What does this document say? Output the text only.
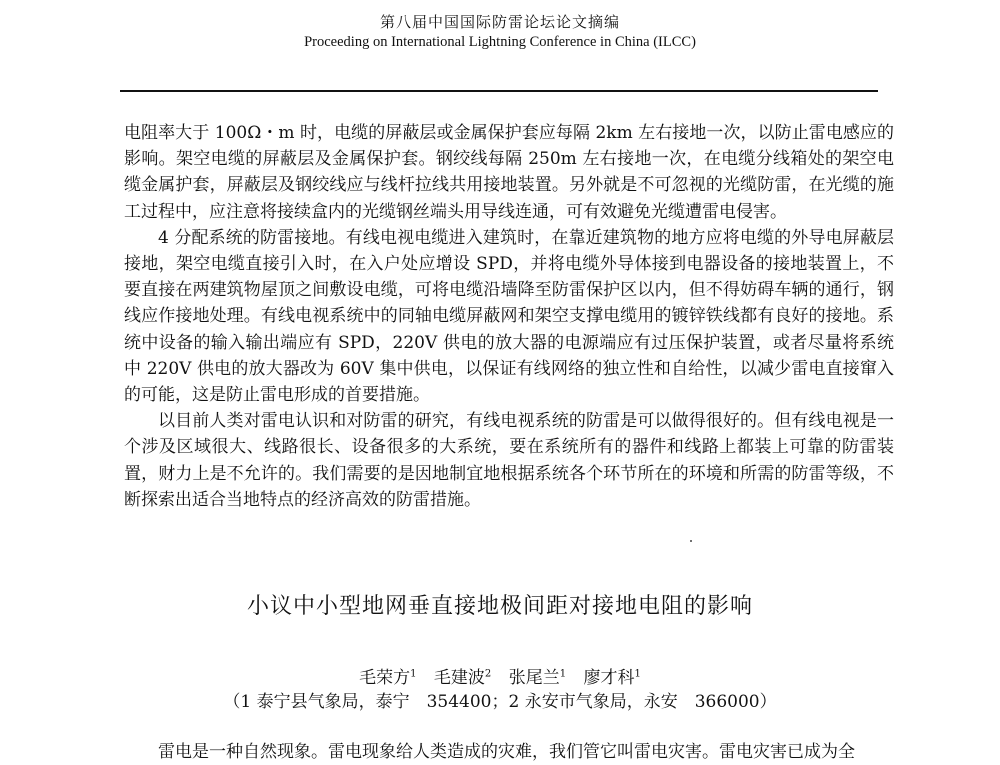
第八届中国国际防雷论坛论文摘编
Proceeding on International Lightning Conference in China (ILCC)

电阻率大于 100Ω・m 时，电缆的屏蔽层或金属保护套应每隔 2km 左右接地一次，以防止雷电感应的影响。架空电缆的屏蔽层及金属保护套。钢绞线每隔 250m 左右接地一次，在电缆分线箱处的架空电缆金属护套，屏蔽层及钢绞线应与线杆拉线共用接地装置。另外就是不可忽视的光缆防雷，在光缆的施工过程中，应注意将接续盒内的光缆钢丝端头用导线连通，可有效避免光缆遭雷电侵害。

4 分配系统的防雷接地。有线电视电缆进入建筑时，在靠近建筑物的地方应将电缆的外导电屏蔽层接地，架空电缆直接引入时，在入户处应增设 SPD，并将电缆外导体接到电器设备的接地装置上，不要直接在两建筑物屋顶之间敷设电缆，可将电缆沿墙降至防雷保护区以内，但不得妨碍车辆的通行，钢线应作接地处理。有线电视系统中的同轴电缆屏蔽网和架空支撑电缆用的镀锌铁线都有良好的接地。系统中设备的输入输出端应有 SPD，220V 供电的放大器的电源端应有过压保护装置，或者尽量将系统中 220V 供电的放大器改为 60V 集中供电，以保证有线网络的独立性和自给性，以减少雷电直接窜入的可能，这是防止雷电形成的首要措施。

以目前人类对雷电认识和对防雷的研究，有线电视系统的防雷是可以做得很好的。但有线电视是一个涉及区域很大、线路很长、设备很多的大系统，要在系统所有的器件和线路上都装上可靠的防雷装置，财力上是不允许的。我们需要的是因地制宜地根据系统各个环节所在的环境和所需的防雷等级，不断探索出适合当地特点的经济高效的防雷措施。

小议中小型地网垂直接地极间距对接地电阻的影响
毛荣方$^1$ 毛建波$^2$ 张尾兰$^1$ 廖才科$^1$
（1 泰宁县气象局，泰宁　354400；2 永安市气象局，永安　366000）

雷电是一种自然现象。雷电现象给人类造成的灾难，我们管它叫雷电灾害。雷电灾害已成为全
